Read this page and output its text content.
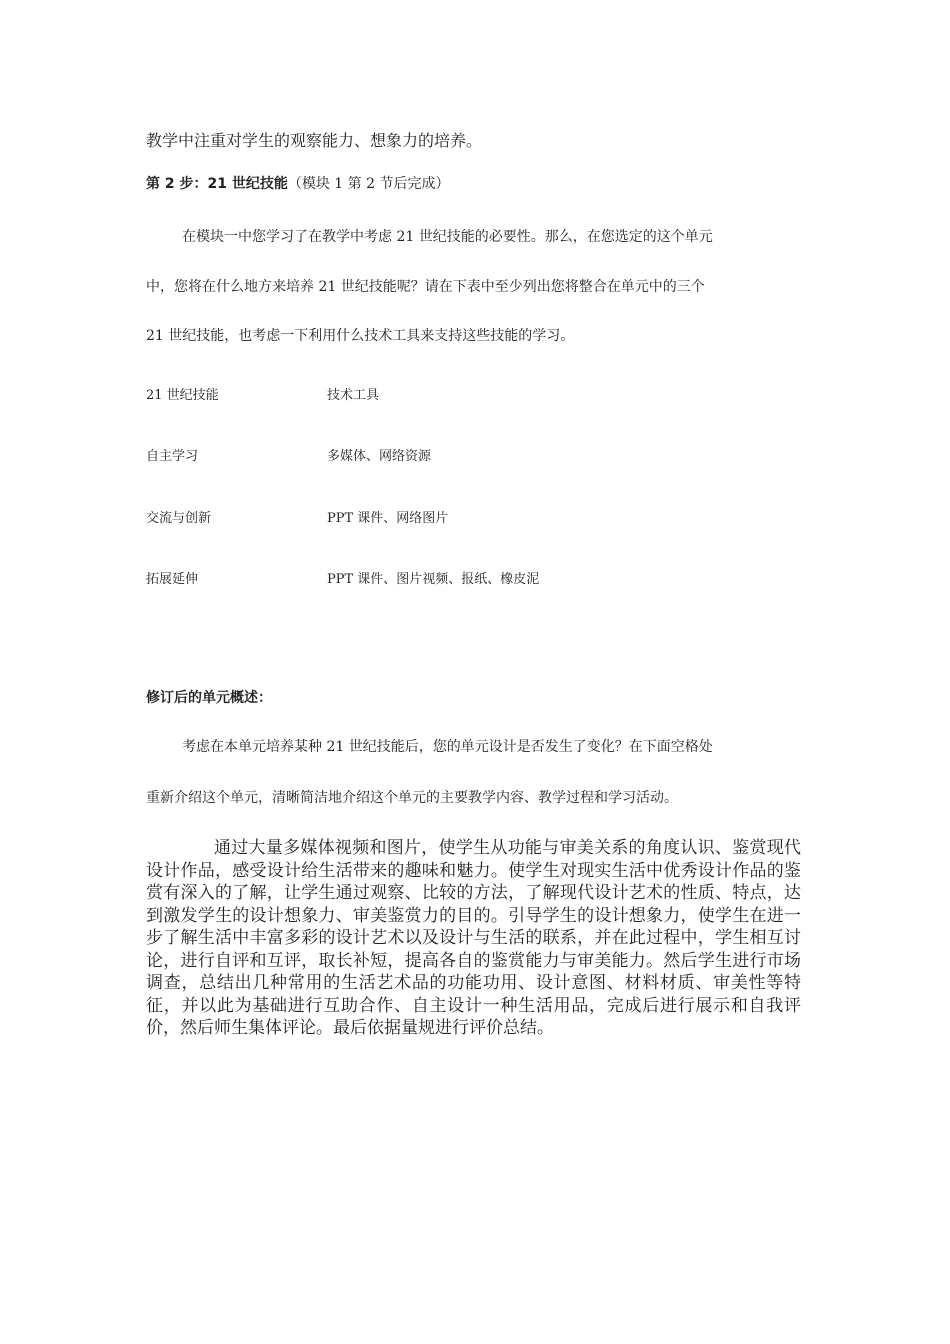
教学中注重对学生的观察能力、想象力的培养。
第 2 步：21 世纪技能（模块 1 第 2 节后完成）
在模块一中您学习了在教学中考虑 21 世纪技能的必要性。那么，在您选定的这个单元
中，您将在什么地方来培养 21 世纪技能呢？请在下表中至少列出您将整合在单元中的三个
21 世纪技能，也考虑一下利用什么技术工具来支持这些技能的学习。
21 世纪技能	技术工具
自主学习	多媒体、网络资源
交流与创新	PPT 课件、网络图片
拓展延伸	PPT 课件、图片视频、报纸、橡皮泥
修订后的单元概述：
考虑在本单元培养某种 21 世纪技能后，您的单元设计是否发生了变化？在下面空格处
重新介绍这个单元，清晰简洁地介绍这个单元的主要教学内容、教学过程和学习活动。
通过大量多媒体视频和图片，使学生从功能与审美关系的角度认识、鉴赏现代设计作品，感受设计给生活带来的趣味和魅力。使学生对现实生活中优秀设计作品的鉴赏有深入的了解，让学生通过观察、比较的方法，了解现代设计艺术的性质、特点，达到激发学生的设计想象力、审美鉴赏力的目的。引导学生的设计想象力，使学生在进一步了解生活中丰富多彩的设计艺术以及设计与生活的联系，并在此过程中，学生相互讨论，进行自评和互评，取长补短，提高各自的鉴赏能力与审美能力。然后学生进行市场调查，总结出几种常用的生活艺术品的功能功用、设计意图、材料材质、审美性等特征，并以此为基础进行互助合作、自主设计一种生活用品，完成后进行展示和自我评价，然后师生集体评论。最后依据量规进行评价总结。
